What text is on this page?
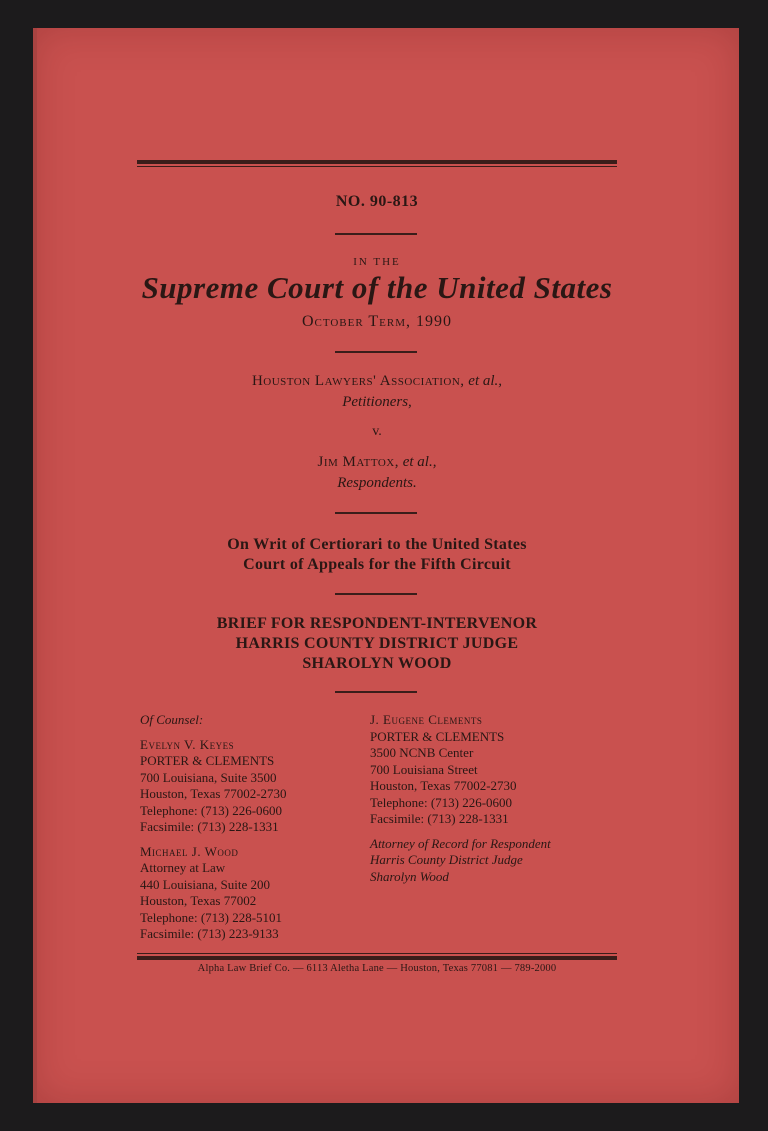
NO. 90-813
IN THE
Supreme Court of the United States
October Term, 1990
Houston Lawyers' Association, et al.,
Petitioners,
v.
Jim Mattox, et al.,
Respondents.
On Writ of Certiorari to the United States
Court of Appeals for the Fifth Circuit
BRIEF FOR RESPONDENT-INTERVENOR
HARRIS COUNTY DISTRICT JUDGE
SHAROLYN WOOD
Of Counsel:
Evelyn V. Keyes
PORTER & CLEMENTS
700 Louisiana, Suite 3500
Houston, Texas 77002-2730
Telephone: (713) 226-0600
Facsimile: (713) 228-1331
Michael J. Wood
Attorney at Law
440 Louisiana, Suite 200
Houston, Texas 77002
Telephone: (713) 228-5101
Facsimile: (713) 223-9133
J. Eugene Clements
PORTER & CLEMENTS
3500 NCNB Center
700 Louisiana Street
Houston, Texas 77002-2730
Telephone: (713) 226-0600
Facsimile: (713) 228-1331
Attorney of Record for Respondent
Harris County District Judge
Sharolyn Wood
Alpha Law Brief Co. — 6113 Aletha Lane — Houston, Texas 77081 — 789-2000
